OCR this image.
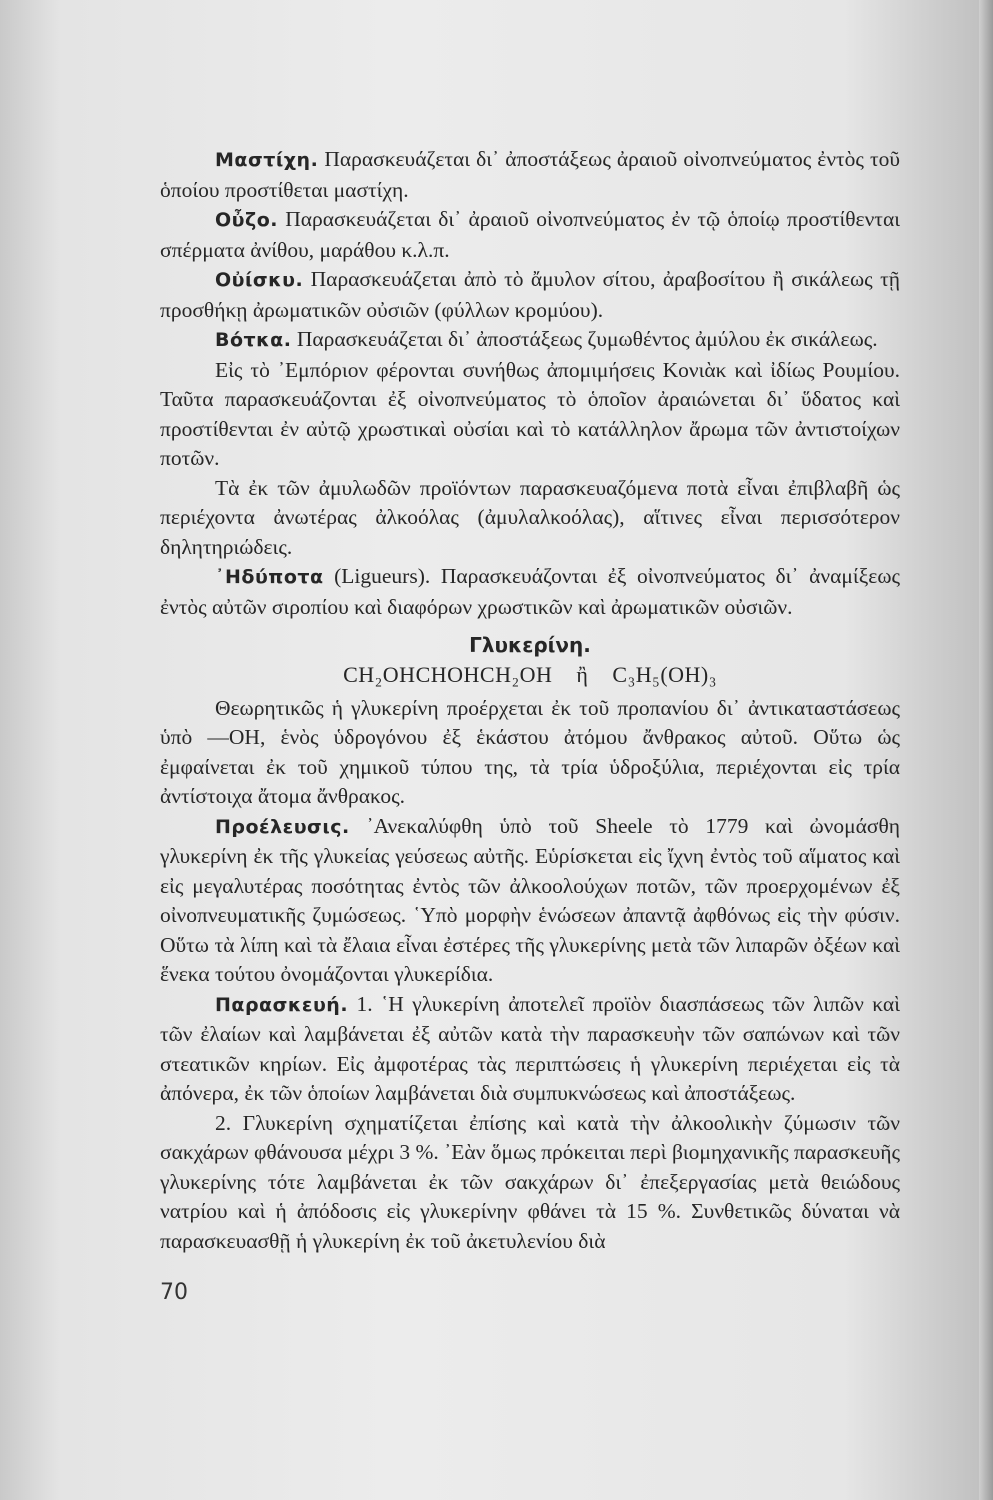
Μαστίχη. Παρασκευάζεται δι᾿ ἀποστάξεως ἀραιοῦ οἰνοπνεύματος ἐντὸς τοῦ ὁποίου προστίθεται μαστίχη.

Οὖζο. Παρασκευάζεται δι᾿ ἀραιοῦ οἰνοπνεύματος ἐν τῷ ὁποίῳ προστίθενται σπέρματα ἀνίθου, μαράθου κ.λ.π.

Οὐίσκυ. Παρασκευάζεται ἀπὸ τὸ ἄμυλον σίτου, ἀραβοσίτου ἢ σικάλεως τῇ προσθήκῃ ἀρωματικῶν οὐσιῶν (φύλλων κρομύου).

Βότκα. Παρασκευάζεται δι᾿ ἀποστάξεως ζυμωθέντος ἀμύλου ἐκ σικάλεως.

Εἰς τὸ ᾿Εμπόριον φέρονται συνήθως ἀπομιμήσεις Κονιὰκ καὶ ἰδίως Ρουμίου. Ταῦτα παρασκευάζονται ἐξ οἰνοπνεύματος τὸ ὁποῖον ἀραιώνεται δι᾿ ὕδατος καὶ προστίθενται ἐν αὐτῷ χρωστικαὶ οὐσίαι καὶ τὸ κατάλληλον ἄρωμα τῶν ἀντιστοίχων ποτῶν.

Τὰ ἐκ τῶν ἀμυλωδῶν προϊόντων παρασκευαζόμενα ποτὰ εἶναι ἐπιβλαβῆ ὡς περιέχοντα ἀνωτέρας ἀλκοόλας (ἀμυλαλκοόλας), αἵτινες εἶναι περισσότερον δηλητηριώδεις.

᾿Ηδύποτα (Ligueurs). Παρασκευάζονται ἐξ οἰνοπνεύματος δι᾿ ἀναμίξεως ἐντὸς αὐτῶν σιροπίου καὶ διαφόρων χρωστικῶν καὶ ἀρωματικῶν οὐσιῶν.

Γλυκερίνη.

CH₂OHCHOHCH₂OH ἢ C₃H₅(OH)₃

Θεωρητικῶς ἡ γλυκερίνη προέρχεται ἐκ τοῦ προπανίου δι᾿ ἀντικαταστάσεως ὑπὸ —ΟΗ, ἑνὸς ὑδρογόνου ἐξ ἑκάστου ἀτόμου ἄνθρακος αὐτοῦ. Οὕτω ὡς ἐμφαίνεται ἐκ τοῦ χημικοῦ τύπου της, τὰ τρία ὑδροξύλια, περιέχονται εἰς τρία ἀντίστοιχα ἄτομα ἄνθρακος.

Προέλευσις. ᾿Ανεκαλύφθη ὑπὸ τοῦ Sheele τὸ 1779 καὶ ὠνομάσθη γλυκερίνη ἐκ τῆς γλυκείας γεύσεως αὐτῆς. Εὑρίσκεται εἰς ἴχνη ἐντὸς τοῦ αἵματος καὶ εἰς μεγαλυτέρας ποσότητας ἐντὸς τῶν ἀλκοολούχων ποτῶν, τῶν προερχομένων ἐξ οἰνοπνευματικῆς ζυμώσεως. ῾Υπὸ μορφὴν ἑνώσεων ἀπαντᾷ ἀφθόνως εἰς τὴν φύσιν. Οὕτω τὰ λίπη καὶ τὰ ἔλαια εἶναι ἐστέρες τῆς γλυκερίνης μετὰ τῶν λιπαρῶν ὀξέων καὶ ἕνεκα τούτου ὀνομάζονται γλυκερίδια.

Παρασκευή. 1. ῾Η γλυκερίνη ἀποτελεῖ προϊὸν διασπάσεως τῶν λιπῶν καὶ τῶν ἐλαίων καὶ λαμβάνεται ἐξ αὐτῶν κατὰ τὴν παρασκευὴν τῶν σαπώνων καὶ τῶν στεατικῶν κηρίων. Εἰς ἀμφοτέρας τὰς περιπτώσεις ἡ γλυκερίνη περιέχεται εἰς τὰ ἀπόνερα, ἐκ τῶν ὁποίων λαμβάνεται διὰ συμπυκνώσεως καὶ ἀποστάξεως.

2. Γλυκερίνη σχηματίζεται ἐπίσης καὶ κατὰ τὴν ἀλκοολικὴν ζύμωσιν τῶν σακχάρων φθάνουσα μέχρι 3 %. ᾿Εὰν ὅμως πρόκειται περὶ βιομηχανικῆς παρασκευῆς γλυκερίνης τότε λαμβάνεται ἐκ τῶν σακχάρων δι᾿ ἐπεξεργασίας μετὰ θειώδους νατρίου καὶ ἡ ἀπόδοσις εἰς γλυκερίνην φθάνει τὰ 15 %. Συνθετικῶς δύναται νὰ παρασκευασθῇ ἡ γλυκερίνη ἐκ τοῦ ἀκετυλενίου διὰ

70
